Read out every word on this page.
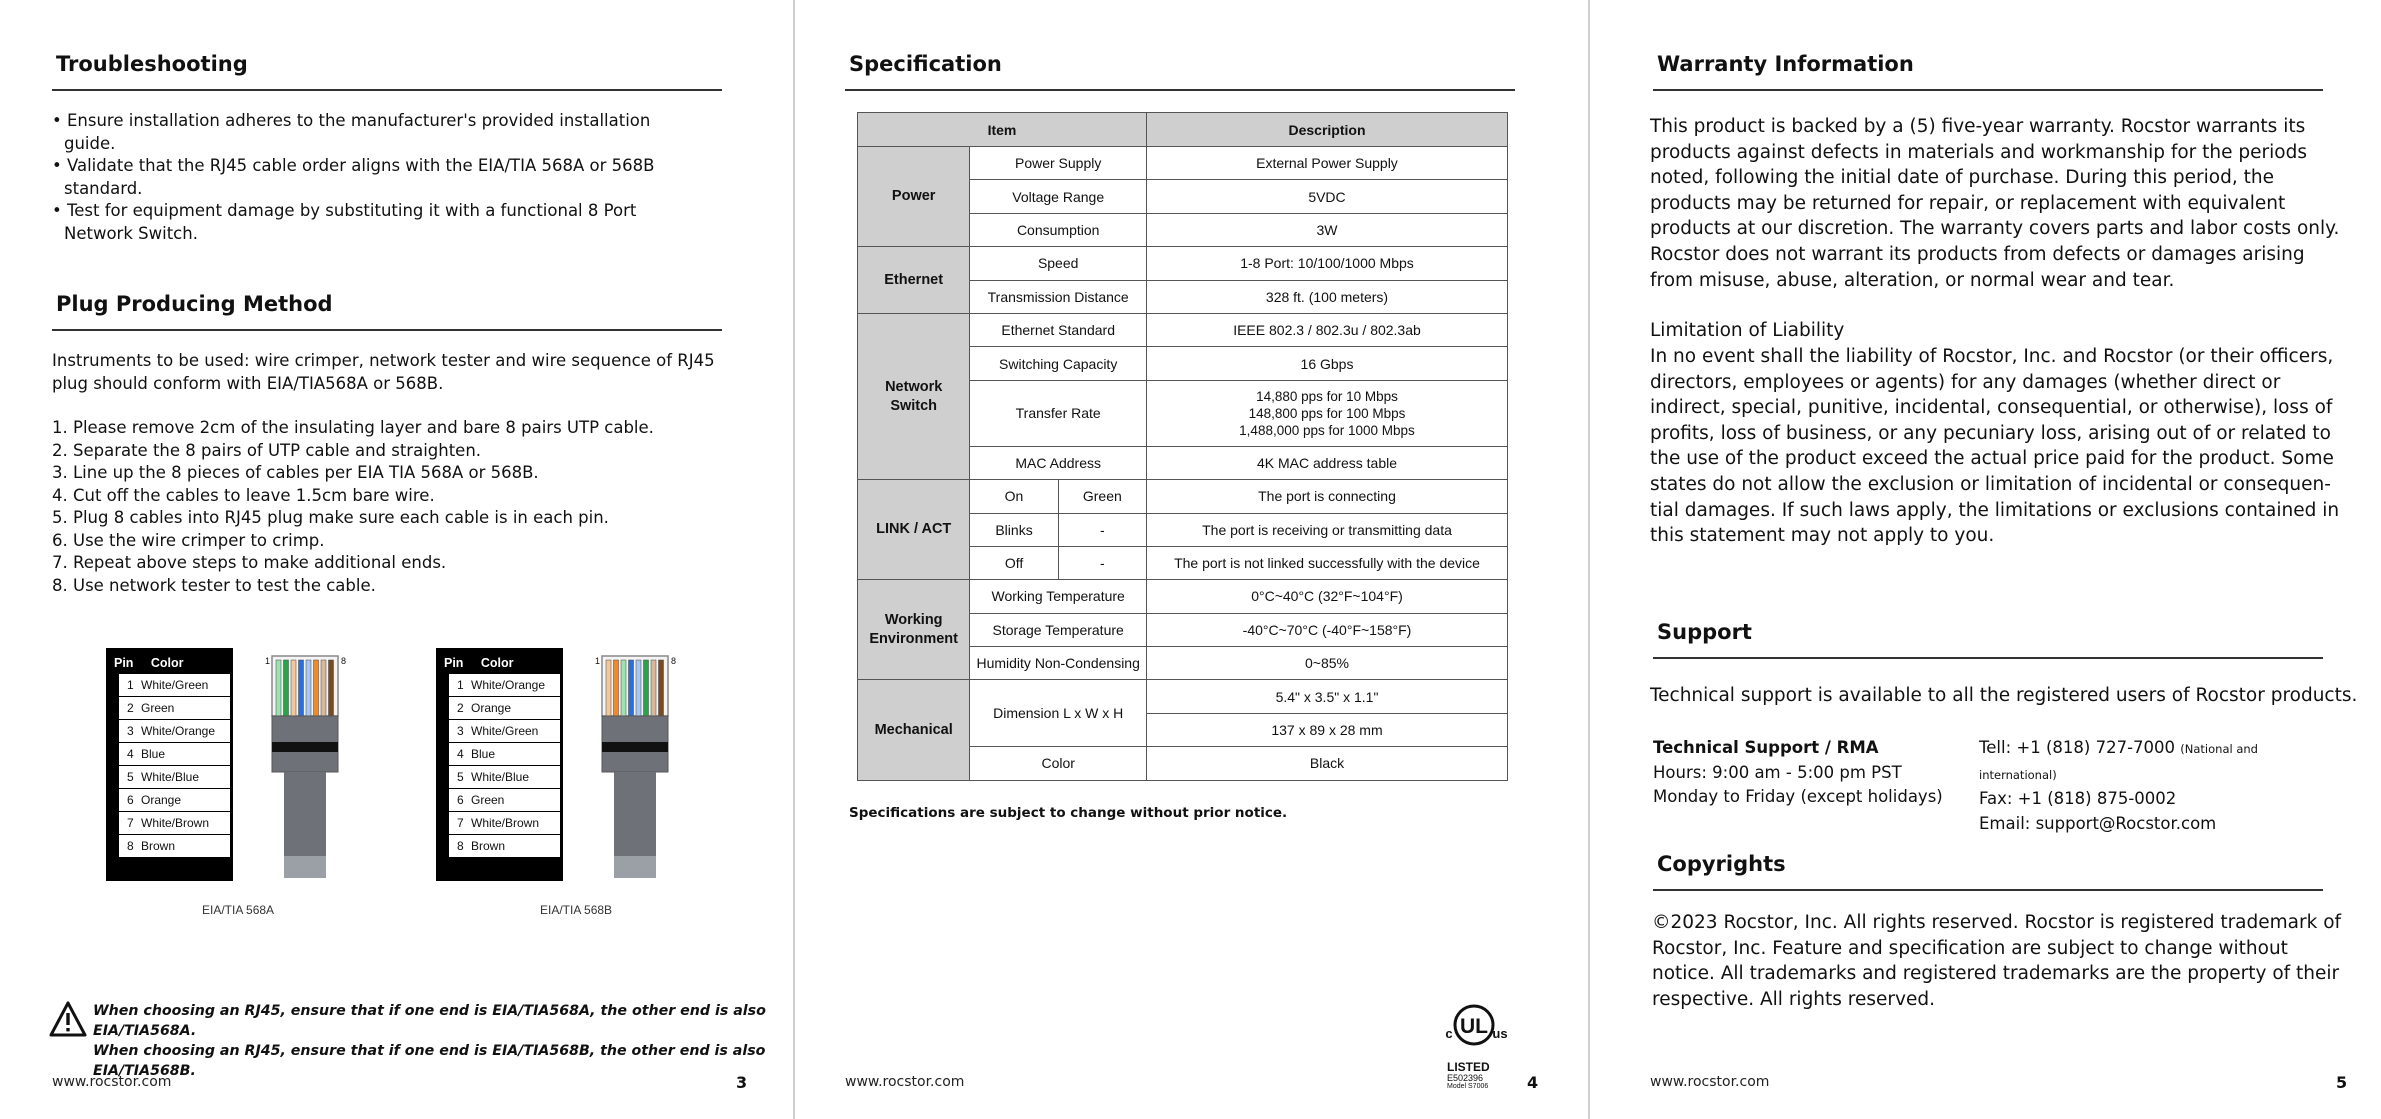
Troubleshooting
• Ensure installation adheres to the manufacturer's provided installation guide.
• Validate that the RJ45 cable order aligns with the EIA/TIA 568A or 568B standard.
• Test for equipment damage by substituting it with a functional 8 Port Network Switch.
Plug Producing Method
Instruments to be used: wire crimper, network tester and wire sequence of RJ45 plug should conform with EIA/TIA568A or 568B.
1. Please remove 2cm of the insulating layer and bare 8 pairs UTP cable.
2. Separate the 8 pairs of UTP cable and straighten.
3. Line up the 8 pieces of cables per EIA TIA 568A or 568B.
4. Cut off the cables to leave 1.5cm bare wire.
5. Plug 8 cables into RJ45 plug make sure each cable is in each pin.
6. Use the wire crimper to crimp.
7. Repeat above steps to make additional ends.
8. Use network tester to test the cable.
Pin Color
1 White/Green
2 Green
3 White/Orange
4 Blue
5 White/Blue
6 Orange
7 White/Brown
8 Brown
1	8
EIA/TIA 568A
Pin Color
1 White/Orange
2 Orange
3 White/Green
4 Blue
5 White/Blue
6 Green
7 White/Brown
8 Brown
1	8
EIA/TIA 568B
When choosing an RJ45, ensure that if one end is EIA/TIA568A, the other end is also EIA/TIA568A.
When choosing an RJ45, ensure that if one end is EIA/TIA568B, the other end is also EIA/TIA568B.
www.rocstor.com	3
Specification
Item			Description
Power	Power Supply		External Power Supply
	Voltage Range		5VDC
	Consumption		3W
Ethernet	Speed		1-8 Port: 10/100/1000 Mbps
	Transmission Distance		328 ft. (100 meters)

Network
Switch	Ethernet Standard		IEEE 802.3 / 802.3u / 802.3ab
	Switching Capacity		16 Gbps
	Transfer Rate		14,880 pps for 10 Mbps
148,800 pps for 100 Mbps
1,488,000 pps for 1000 Mbps

	MAC Address		4K MAC address table
LINK / ACT	On	Green	The port is connecting
	Blinks	-	The port is receiving or transmitting data
	Off	-	The port is not linked successfully with the device

Working
Environment	Working Temperature		0°C~40°C (32°F~104°F)
	Storage Temperature		-40°C~70°C (-40°F~158°F)
	Humidity Non-Condensing		0~85%
Mechanical	Dimension L x W x H		5.4" x 3.5" x 1.1"
			137 x 89 x 28 mm
	Color		Black
Specifications are subject to change without prior notice.
UL
c	us
LISTED
E502396
Model S7006
www.rocstor.com	4
Warranty Information
This product is backed by a (5) five-year warranty. Rocstor warrants its products against defects in materials and workmanship for the periods noted, following the initial date of purchase. During this period, the products may be returned for repair, or replacement with equivalent products at our discretion. The warranty covers parts and labor costs only. Rocstor does not warrant its products from defects or damages arising from misuse, abuse, alteration, or normal wear and tear.
Limitation of Liability
In no event shall the liability of Rocstor, Inc. and Rocstor (or their officers, directors, employees or agents) for any damages (whether direct or indirect, special, punitive, incidental, consequential, or otherwise), loss of profits, loss of business, or any pecuniary loss, arising out of or related to the use of the product exceed the actual price paid for the product. Some states do not allow the exclusion or limitation of incidental or consequen-tial damages. If such laws apply, the limitations or exclusions contained in this statement may not apply to you.
Support
Technical support is available to all the registered users of Rocstor products.
Technical Support / RMA
Hours: 9:00 am - 5:00 pm PST
Monday to Friday (except holidays)
Tell: +1 (818) 727-7000 (National and international)
Fax: +1 (818) 875-0002
Email: support@Rocstor.com
Copyrights
©2023 Rocstor, Inc. All rights reserved. Rocstor is registered trademark of Rocstor, Inc. Feature and specification are subject to change without notice. All trademarks and registered trademarks are the property of their respective. All rights reserved.
www.rocstor.com	5
